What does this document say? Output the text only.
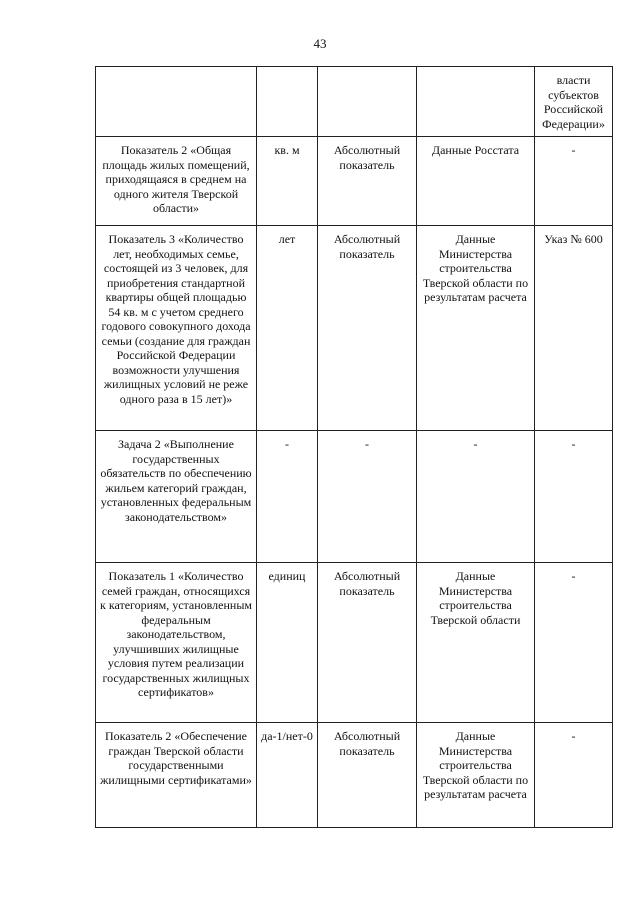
43
				власти субъектов Российской Федерации»
Показатель 2 «Общая площадь жилых помещений, приходящаяся в среднем на одного жителя Тверской области»	кв. м	Абсолютный показатель	Данные Росстата	-
Показатель 3 «Количество лет, необходимых семье, состоящей из 3 человек, для приобретения стандартной квартиры общей площадью 54 кв. м с учетом среднего годового совокупного дохода семьи (создание для граждан Российской Федерации возможности улучшения жилищных условий не реже одного раза в 15 лет)»	лет	Абсолютный показатель	Данные Министерства строительства Тверской области по результатам расчета	Указ № 600
Задача 2 «Выполнение государственных обязательств по обеспечению жильем категорий граждан, установленных федеральным законодательством»	-	-	-	-
Показатель 1 «Количество семей граждан, относящихся к категориям, установленным федеральным законодательством, улучшивших жилищные условия путем реализации государственных жилищных сертификатов»	единиц	Абсолютный показатель	Данные Министерства строительства Тверской области	-
Показатель 2 «Обеспечение граждан Тверской области государственными жилищными сертификатами»	да-1/нет-0	Абсолютный показатель	Данные Министерства строительства Тверской области по результатам расчета	-
